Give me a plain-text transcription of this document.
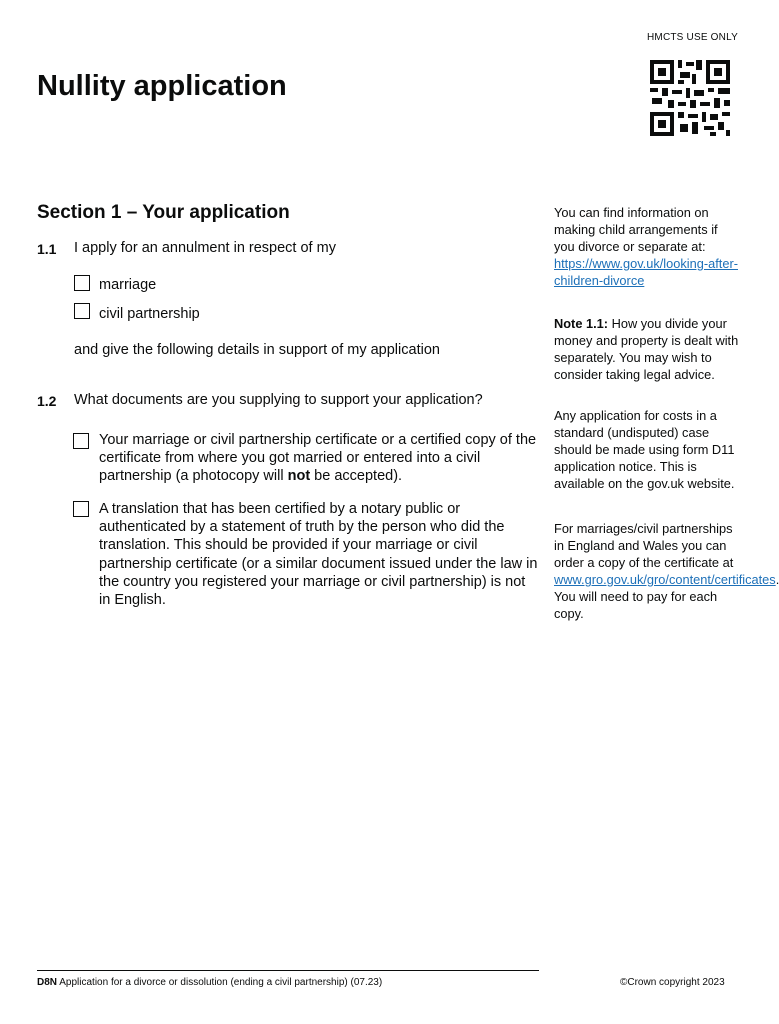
HMCTS USE ONLY
Nullity application
Section 1 – Your application
1.1 I apply for an annulment in respect of my
marriage
civil partnership
and give the following details in support of my application
1.2 What documents are you supplying to support your application?
Your marriage or civil partnership certificate or a certified copy of the certificate from where you got married or entered into a civil partnership (a photocopy will not be accepted).
A translation that has been certified by a notary public or authenticated by a statement of truth by the person who did the translation. This should be provided if your marriage or civil partnership certificate (or a similar document issued under the law in the country you registered your marriage or civil partnership) is not in English.
You can find information on making child arrangements if you divorce or separate at: https://www.gov.uk/looking-after-children-divorce
Note 1.1: How you divide your money and property is dealt with separately. You may wish to consider taking legal advice.
Any application for costs in a standard (undisputed) case should be made using form D11 application notice. This is available on the gov.uk website.
For marriages/civil partnerships in England and Wales you can order a copy of the certificate at www.gro.gov.uk/gro/content/certificates. You will need to pay for each copy.
D8N Application for a divorce or dissolution (ending a civil partnership) (07.23)	©Crown copyright 2023
